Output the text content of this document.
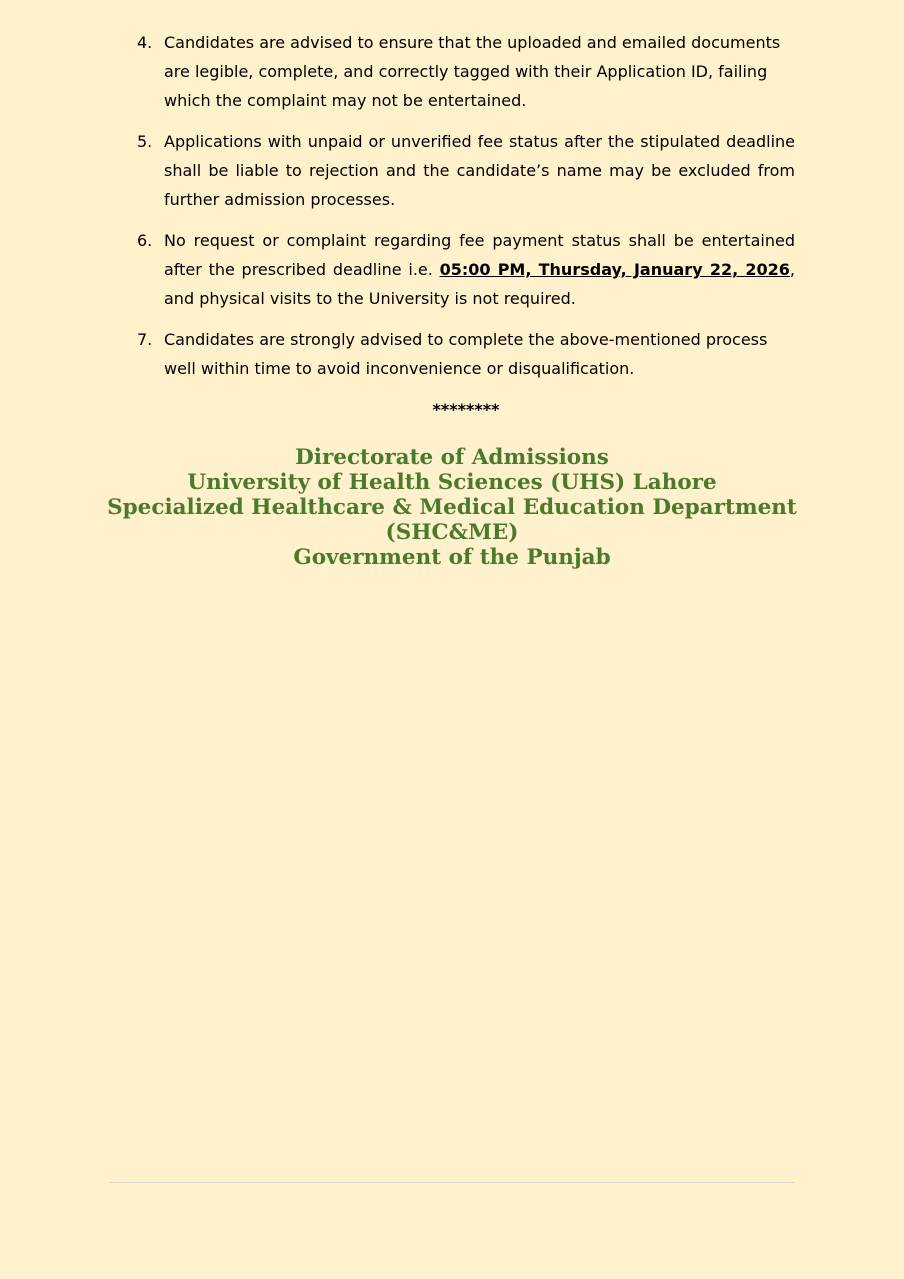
4. Candidates are advised to ensure that the uploaded and emailed documents are legible, complete, and correctly tagged with their Application ID, failing which the complaint may not be entertained.
5. Applications with unpaid or unverified fee status after the stipulated deadline shall be liable to rejection and the candidate’s name may be excluded from further admission processes.
6. No request or complaint regarding fee payment status shall be entertained after the prescribed deadline i.e. 05:00 PM, Thursday, January 22, 2026, and physical visits to the University is not required.
7. Candidates are strongly advised to complete the above-mentioned process well within time to avoid inconvenience or disqualification.
********
Directorate of Admissions
University of Health Sciences (UHS) Lahore
Specialized Healthcare & Medical Education Department
(SHC&ME)
Government of the Punjab
